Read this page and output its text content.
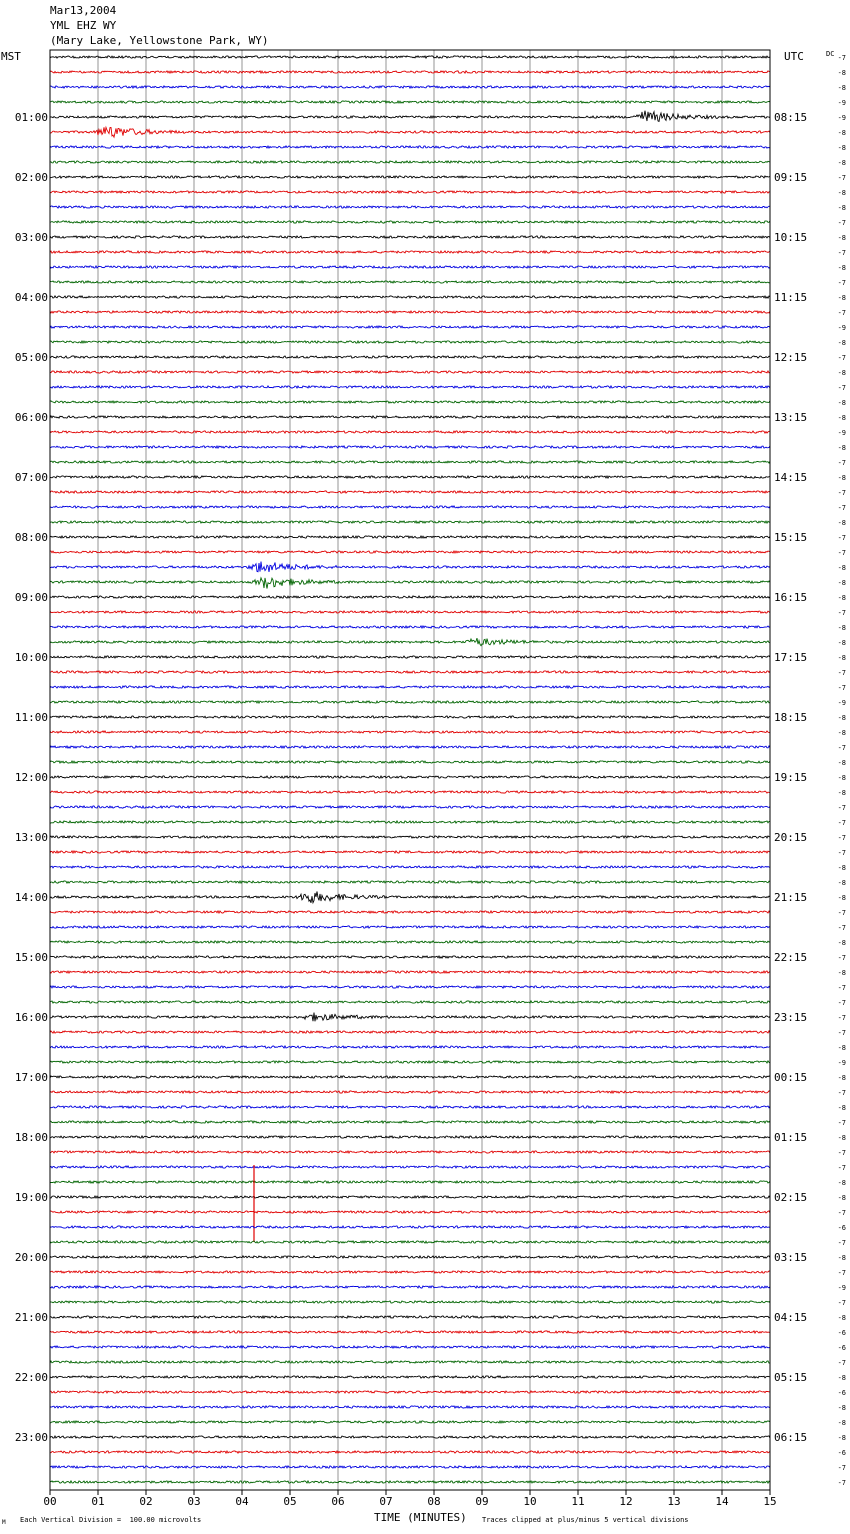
Mar13,2004
YML EHZ WY
(Mary Lake, Yellowstone Park, WY)
MST	UTC	DC
00	01	02	03	04	05	06	07	08	09	10	11	12	13	14	15
01:00
02:00
03:00
04:00
05:00
06:00
07:00
08:00
09:00
10:00
11:00
12:00
13:00
14:00
15:00
16:00
17:00
18:00
19:00
20:00
21:00
22:00
23:00
08:15
09:15
10:15
11:15
12:15
13:15
14:15
15:15
16:15
17:15
18:15
19:15
20:15
21:15
22:15
23:15
00:15
01:15
02:15
03:15
04:15
05:15
06:15
-7
-8
-8
-9
-9
-8
-8
-8
-7
-8
-8
-7
-8
-7
-8
-7
-8
-7
-9
-8
-7
-8
-7
-8
-8
-9
-8
-7
-8
-7
-7
-8
-7
-7
-8
-8
-8
-7
-8
-8
-8
-7
-7
-9
-8
-8
-7
-8
-8
-8
-7
-7
-7
-7
-8
-8
-8
-7
-7
-8
-7
-8
-7
-7
-7
-7
-8
-9
-8
-7
-8
-7
-8
-7
-7
-8
-8
-7
-6
-7
-8
-7
-9
-7
-8
-6
-6
-7
-8
-6
-8
-8
-8
-6
-7
-7
TIME (MINUTES)
Each Vertical Division =  100.00 microvolts	Traces clipped at plus/minus 5 vertical divisions
M
